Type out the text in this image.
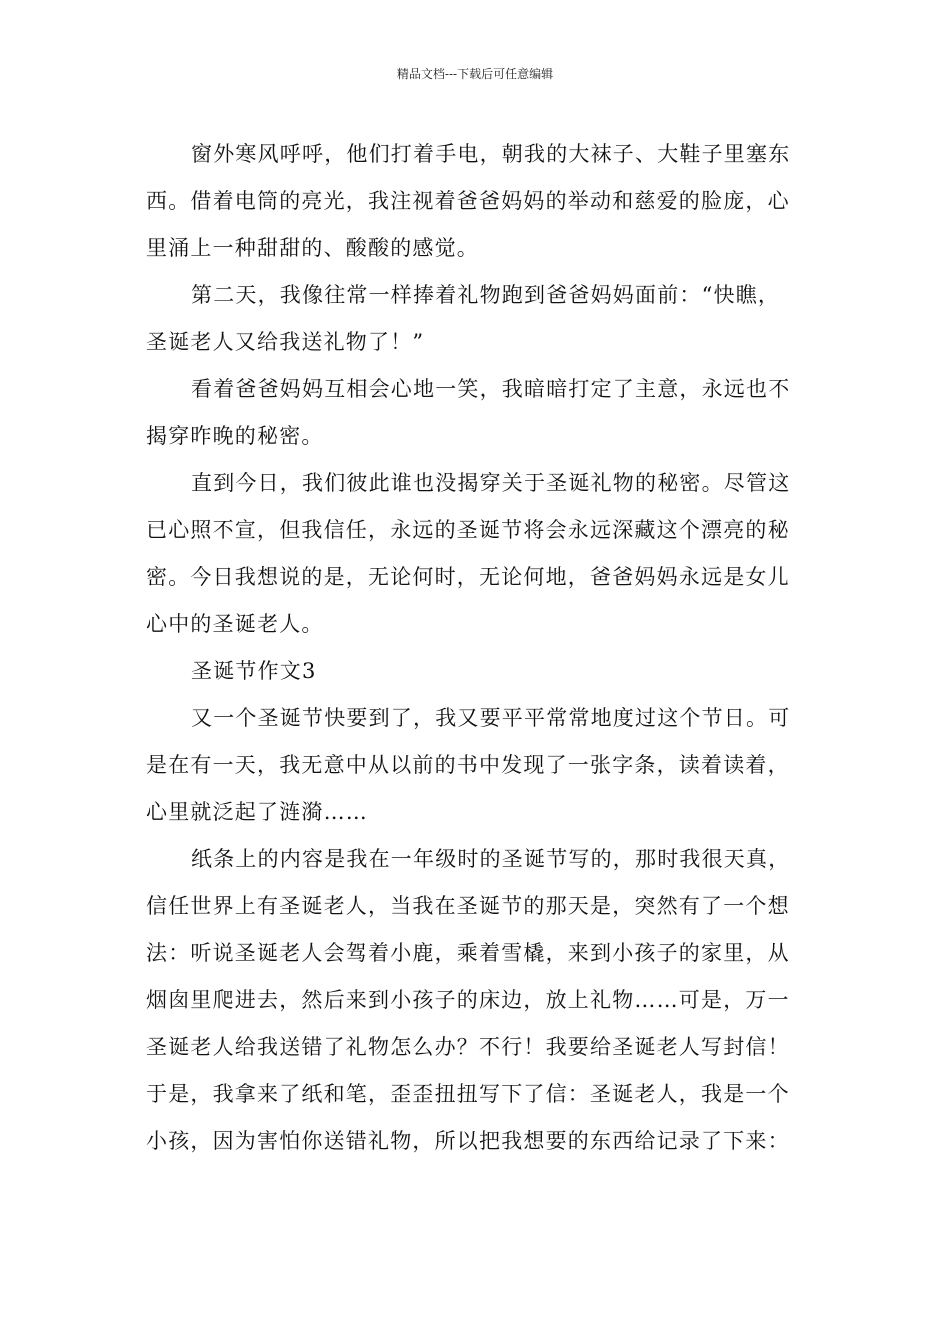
精品文档---下载后可任意编辑

窗外寒风呼呼，他们打着手电，朝我的大袜子、大鞋子里塞东
西。借着电筒的亮光，我注视着爸爸妈妈的举动和慈爱的脸庞，心
里涌上一种甜甜的、酸酸的感觉。

第二天，我像往常一样捧着礼物跑到爸爸妈妈面前：“快瞧，
圣诞老人又给我送礼物了！”

看着爸爸妈妈互相会心地一笑，我暗暗打定了主意，永远也不
揭穿昨晚的秘密。

直到今日，我们彼此谁也没揭穿关于圣诞礼物的秘密。尽管这
已心照不宣，但我信任，永远的圣诞节将会永远深藏这个漂亮的秘
密。今日我想说的是，无论何时，无论何地，爸爸妈妈永远是女儿
心中的圣诞老人。

圣诞节作文3

又一个圣诞节快要到了，我又要平平常常地度过这个节日。可
是在有一天，我无意中从以前的书中发现了一张字条，读着读着，
心里就泛起了涟漪……

纸条上的内容是我在一年级时的圣诞节写的，那时我很天真，
信任世界上有圣诞老人，当我在圣诞节的那天是，突然有了一个想
法：听说圣诞老人会驾着小鹿，乘着雪橇，来到小孩子的家里，从
烟囱里爬进去，然后来到小孩子的床边，放上礼物……可是，万一
圣诞老人给我送错了礼物怎么办？不行！我要给圣诞老人写封信！
于是，我拿来了纸和笔，歪歪扭扭写下了信：圣诞老人，我是一个
小孩，因为害怕你送错礼物，所以把我想要的东西给记录了下来：
